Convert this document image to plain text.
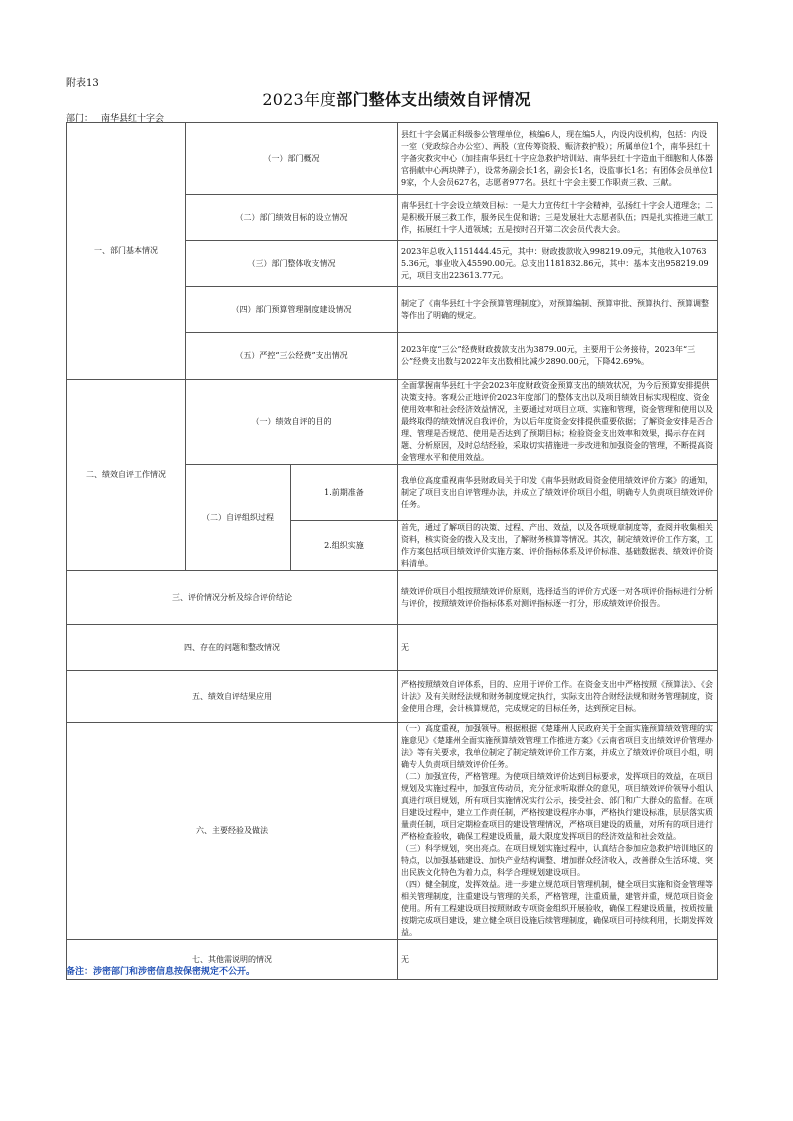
附表13
2023年度部门整体支出绩效自评情况
部门： 南华县红十字会
一、部门基本情况	（一）部门概况		县红十字会属正科级参公管理单位，核编6人，现在编5人，内设内设机构，包括：内设一室（党政综合办公室）、两股（宣传筹资股、赈济救护股）；所属单位1个，南华县红十字备灾救灾中心（加挂南华县红十字应急救护培训站、南华县红十字造血干细胞和人体器官捐献中心两块牌子），设常务副会长1名，副会长1名，设监事长1名；有团体会员单位19家，个人会员627名，志愿者977名。县红十字会主要工作职责三救、三献。
	（二）部门绩效目标的设立情况		南华县红十字会设立绩效目标：一是大力宣传红十字会精神，弘扬红十字会人道理念；二是积极开展三救工作，服务民生促和谐；三是发展壮大志愿者队伍；四是扎实推进三献工作，拓展红十字人道领域；五是按时召开第二次会员代表大会。
	（三）部门整体收支情况		2023年总收入1151444.45元，其中：财政拨款收入998219.09元，其他收入107635.36元，事业收入45590.00元。总支出1181832.86元，其中：基本支出958219.09元，项目支出223613.77元。
	（四）部门预算管理制度建设情况		制定了《南华县红十字会预算管理制度》，对预算编制、预算审批、预算执行、预算调整等作出了明确的规定。
	（五）严控“三公经费”支出情况		2023年度“三公”经费财政拨款支出为3879.00元，主要用于公务接待，2023年“三公”经费支出数与2022年支出数相比减少2890.00元，下降42.69%。
二、绩效自评工作情况	（一）绩效自评的目的		全面掌握南华县红十字会2023年度财政资金预算支出的绩效状况，为今后预算安排提供决策支持。客观公正地评价2023年度部门的整体支出以及项目绩效目标实现程度、资金使用效率和社会经济效益情况，主要通过对项目立项、实施和管理，资金管理和使用以及最终取得的绩效情况自我评价，为以后年度资金安排提供重要依据；了解资金安排是否合理、管理是否规范、使用是否达到了预期目标；检验资金支出效率和效果，揭示存在问题、分析原因，及时总结经验，采取切实措施进一步改进和加强资金的管理，不断提高资金管理水平和使用效益。
	（二）自评组织过程	1.前期准备	我单位高度重视南华县财政局关于印发《南华县财政局资金使用绩效评价方案》的通知，制定了项目支出自评管理办法，并成立了绩效评价项目小组，明确专人负责项目绩效评价任务。
		2.组织实施	首先，通过了解项目的决策、过程、产出、效益，以及各项规章制度等，查阅并收集相关资料，核实资金的拨入及支出，了解财务核算等情况。其次，制定绩效评价工作方案，工作方案包括项目绩效评价实施方案、评价指标体系及评价标准、基础数据表、绩效评价资料清单。
三、评价情况分析及综合评价结论			绩效评价项目小组按照绩效评价原则，选择适当的评价方式逐一对各项评价指标进行分析与评价，按照绩效评价指标体系对测评指标逐一打分，形成绩效评价报告。
四、存在的问题和整改情况			无
五、绩效自评结果应用			严格按照绩效自评体系，目的、应用于评价工作。在资金支出中严格按照《预算法》、《会计法》及有关财经法规和财务制度规定执行，实际支出符合财经法规和财务管理制度，资金使用合理，会计核算规范，完成规定的目标任务，达到预定目标。
六、主要经验及做法			（一）高度重视，加强领导。根据根据《楚雄州人民政府关于全面实施预算绩效管理的实施意见》《楚雄州全面实施预算绩效管理工作推进方案》《云南省项目支出绩效评价管理办法》等有关要求，我单位制定了制定绩效评价工作方案，并成立了绩效评价项目小组，明确专人负责项目绩效评价任务。
（二）加强宣传，严格管理。为使项目绩效评价达到目标要求，发挥项目的效益，在项目规划及实施过程中，加强宣传动员，充分征求听取群众的意见，项目绩效评价领导小组认真进行项目规划，所有项目实施情况实行公示，接受社会、部门和广大群众的监督。在项目建设过程中，建立工作责任制，严格按建设程序办事，严格执行建设标准，层层落实质量责任制，项目定期检查项目的建设管理情况，严格项目建设的质量，对所有的项目进行严格检查验收，确保工程建设质量，最大限度发挥项目的经济效益和社会效益。
（三）科学规划，突出亮点。在项目规划实施过程中，认真结合参加应急救护培训地区的特点，以加强基础建设、加快产业结构调整、增加群众经济收入，改善群众生活环境、突出民族文化特色为着力点，科学合理规划建设项目。
（四）健全制度，发挥效益。进一步建立规范项目管理机制，健全项目实施和资金管理等相关管理制度，注重建设与管理的关系，严格管理，注重质量，建管并重，规范项目资金使用。所有工程建设项目按照财政专项资金组织开展验收，确保工程建设质量，按质按量按期完成项目建设，建立健全项目设施后续管理制度，确保项目可持续利用，长期发挥效益。
七、其他需说明的情况			无
备注：涉密部门和涉密信息按保密规定不公开。
